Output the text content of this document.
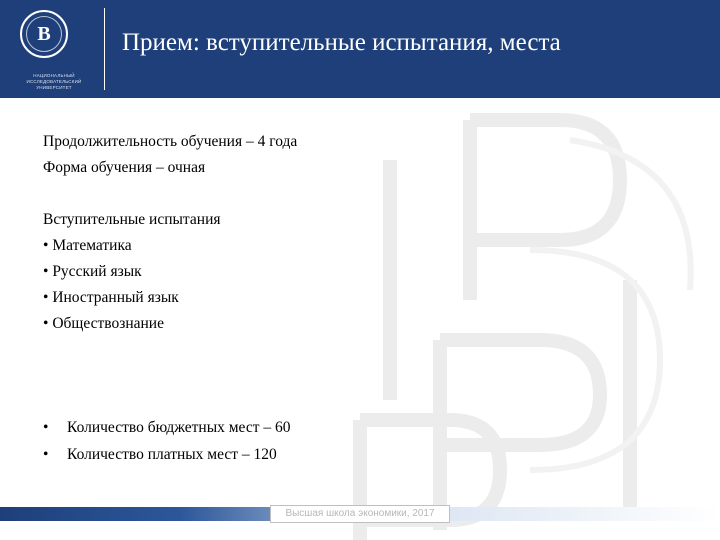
В
НАЦИОНАЛЬНЫЙ ИССЛЕДОВАТЕЛЬСКИЙ УНИВЕРСИТЕТ
Прием: вступительные испытания, места
Продолжительность обучения – 4 года
Форма обучения – очная
Вступительные испытания
• Математика
• Русский язык
• Иностранный язык
• Обществознание
• Количество бюджетных мест – 60
• Количество платных мест – 120
Высшая школа экономики, 2017
